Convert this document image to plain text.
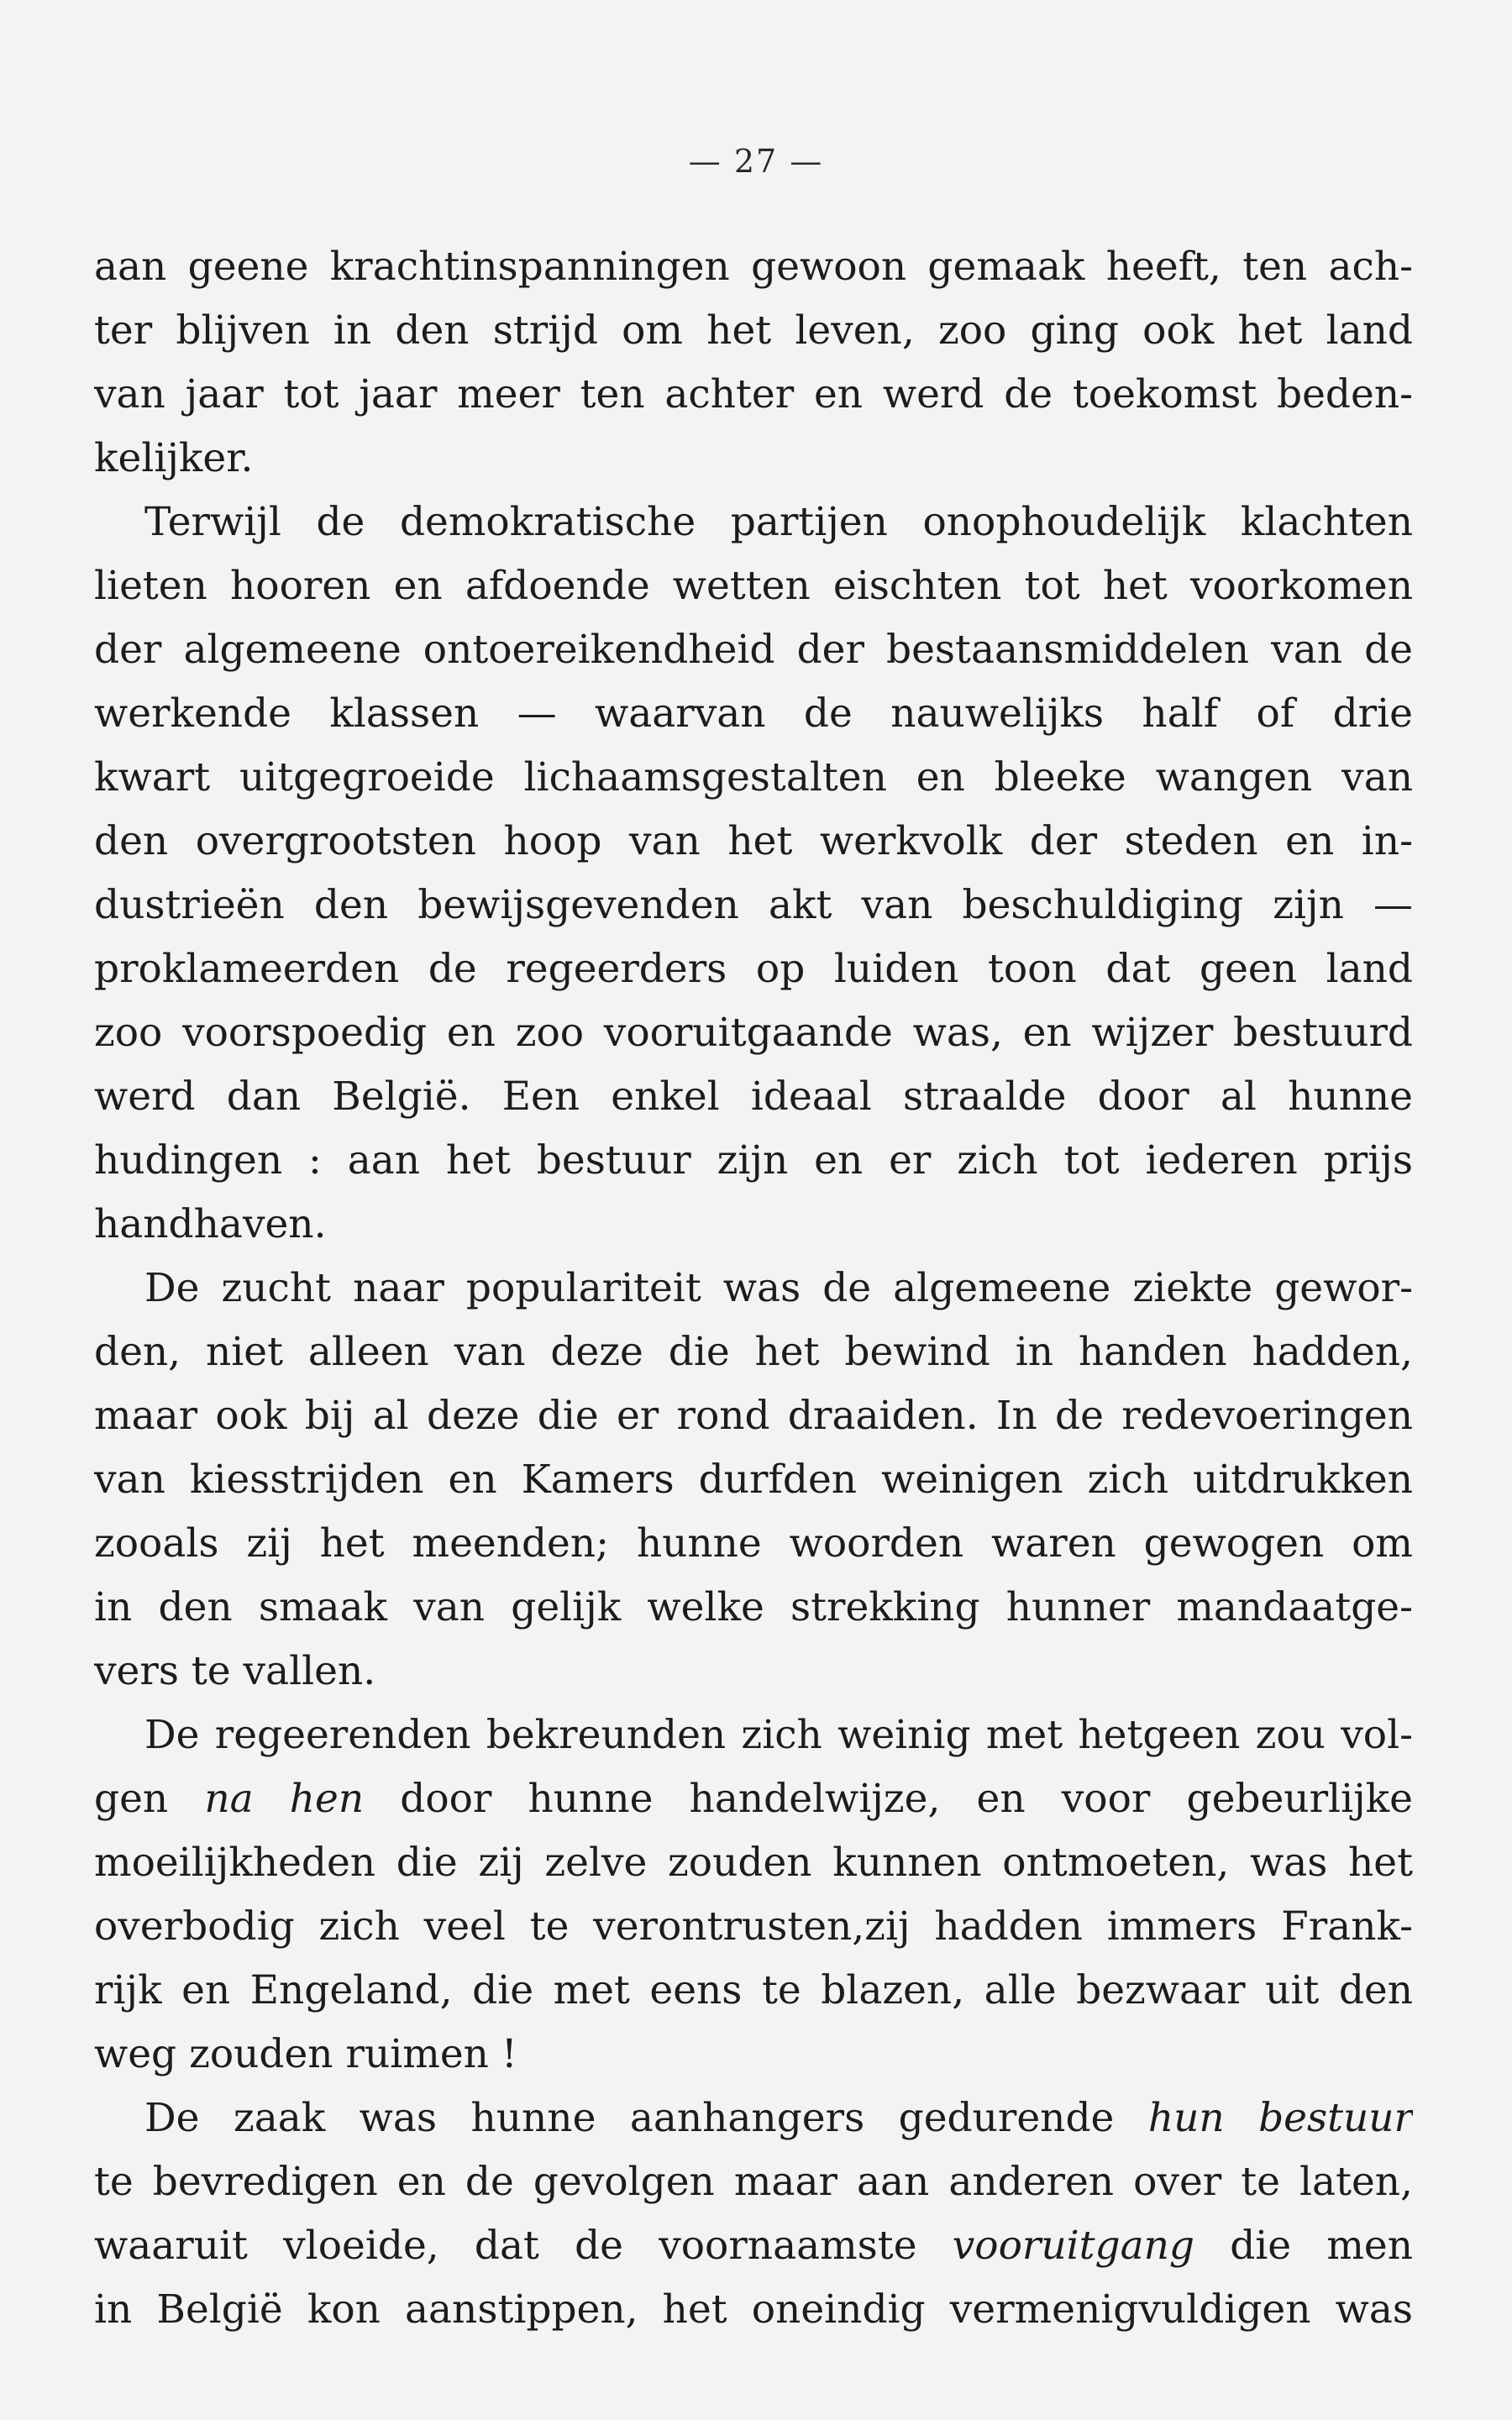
— 27 —
aan geene krachtinspanningen gewoon gemaak heeft, ten ach-
ter blijven in den strijd om het leven, zoo ging ook het land
van jaar tot jaar meer ten achter en werd de toekomst beden-
kelijker.
Terwijl de demokratische partijen onophoudelijk klachten
lieten hooren en afdoende wetten eischten tot het voorkomen
der algemeene ontoereikendheid der bestaansmiddelen van de
werkende klassen — waarvan de nauwelijks half of drie
kwart uitgegroeide lichaamsgestalten en bleeke wangen van
den overgrootsten hoop van het werkvolk der steden en in-
dustrieën den bewijsgevenden akt van beschuldiging zijn —
proklameerden de regeerders op luiden toon dat geen land
zoo voorspoedig en zoo vooruitgaande was, en wijzer bestuurd
werd dan België. Een enkel ideaal straalde door al hunne
hudingen : aan het bestuur zijn en er zich tot iederen prijs
handhaven.
De zucht naar populariteit was de algemeene ziekte gewor-
den, niet alleen van deze die het bewind in handen hadden,
maar ook bij al deze die er rond draaiden. In de redevoeringen
van kiesstrijden en Kamers durfden weinigen zich uitdrukken
zooals zij het meenden; hunne woorden waren gewogen om
in den smaak van gelijk welke strekking hunner mandaatge-
vers te vallen.
De regeerenden bekreunden zich weinig met hetgeen zou vol-
gen na hen door hunne handelwijze, en voor gebeurlijke
moeilijkheden die zij zelve zouden kunnen ontmoeten, was het
overbodig zich veel te verontrusten,zij hadden immers Frank-
rijk en Engeland, die met eens te blazen, alle bezwaar uit den
weg zouden ruimen !
De zaak was hunne aanhangers gedurende hun bestuur
te bevredigen en de gevolgen maar aan anderen over te laten,
waaruit vloeide, dat de voornaamste vooruitgang die men
in België kon aanstippen, het oneindig vermenigvuldigen was
